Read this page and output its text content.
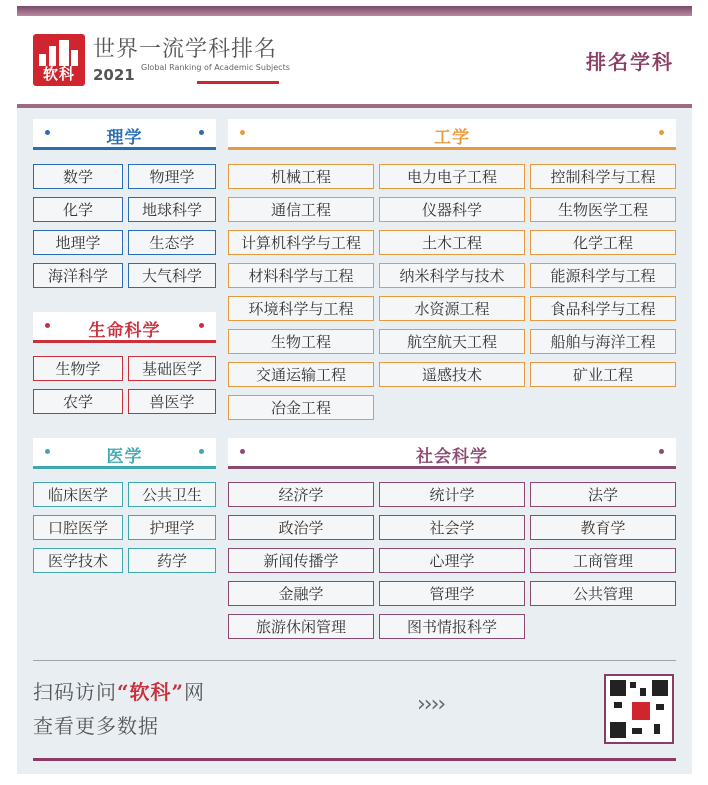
软科
世界一流学科排名
2021 Global Ranking of Academic Subjects	排名学科
理学	工学
数学	物理学
化学	地球科学
地理学	生态学
海洋科学	大气科学
生命科学
生物学	基础医学
农学	兽医学
机械工程	电力电子工程	控制科学与工程
通信工程	仪器科学	生物医学工程
计算机科学与工程	土木工程	化学工程
材料科学与工程	纳米科学与技术	能源科学与工程
环境科学与工程	水资源工程	食品科学与工程
生物工程	航空航天工程	船舶与海洋工程
交通运输工程	遥感技术	矿业工程
冶金工程
医学
临床医学	公共卫生
口腔医学	护理学
医学技术	药学
社会科学
经济学	统计学	法学
政治学	社会学	教育学
新闻传播学	心理学	工商管理
金融学	管理学	公共管理
旅游休闲管理	图书情报科学
扫码访问“软科”网
查看更多数据
››››
